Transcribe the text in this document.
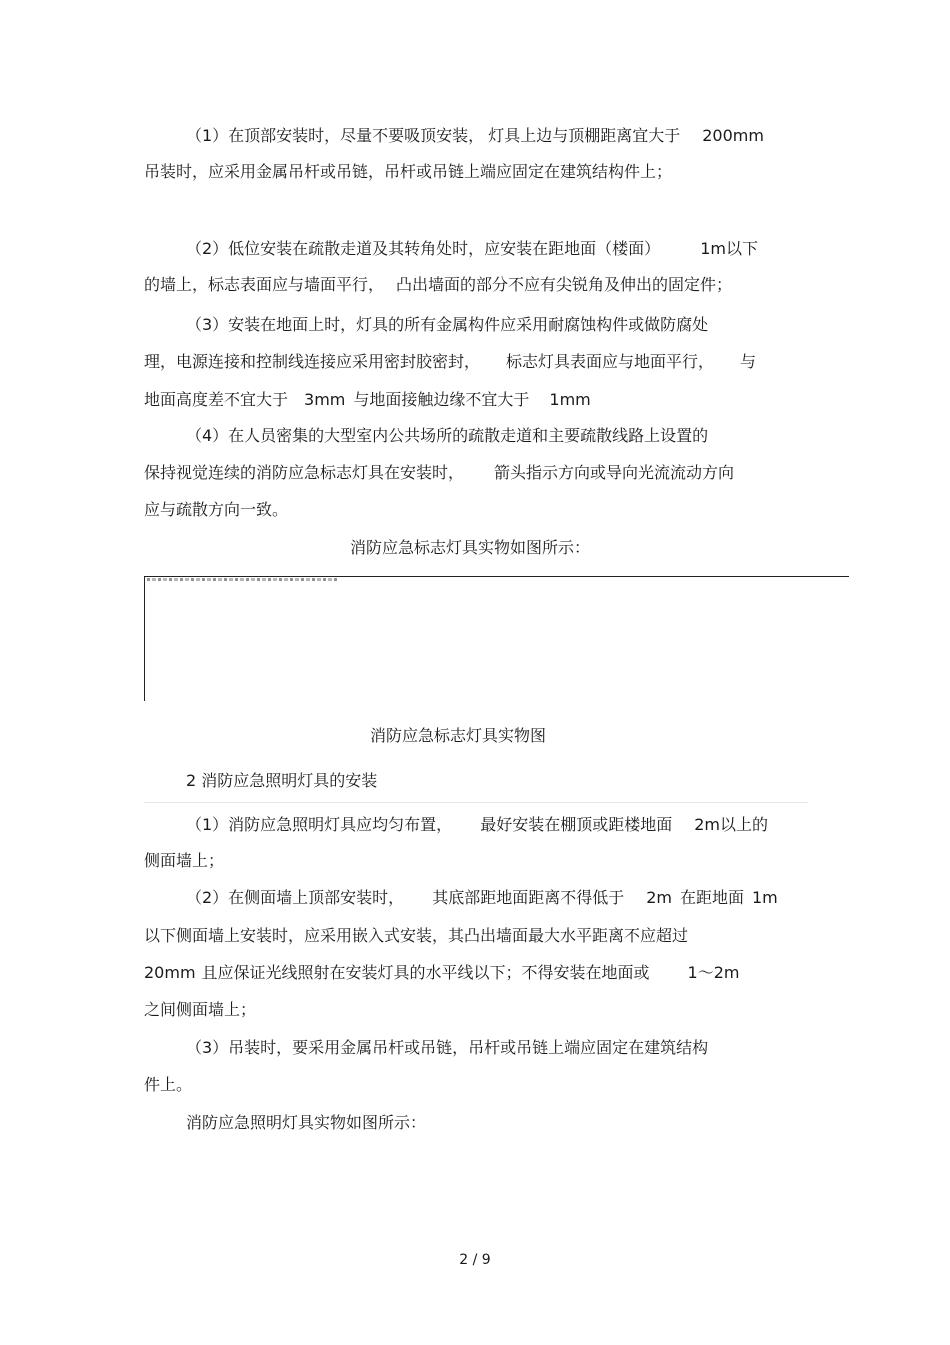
（1）在顶部安装时，尽量不要吸顶安装， 灯具上边与顶棚距离宜大于 200mm
吊装时，应采用金属吊杆或吊链，吊杆或吊链上端应固定在建筑结构件上；
（2）低位安装在疏散走道及其转角处时，应安装在距地面（楼面）	1m以下
的墙上，标志表面应与墙面平行， 凸出墙面的部分不应有尖锐角及伸出的固定件；
（3）安装在地面上时，灯具的所有金属构件应采用耐腐蚀构件或做防腐处
理，电源连接和控制线连接应采用密封胶密封， 标志灯具表面应与地面平行， 与
地面高度差不宜大于 3mm 与地面接触边缘不宜大于 1mm
（4）在人员密集的大型室内公共场所的疏散走道和主要疏散线路上设置的
保持视觉连续的消防应急标志灯具在安装时， 箭头指示方向或导向光流流动方向
应与疏散方向一致。
消防应急标志灯具实物如图所示：
消防应急标志灯具实物图
2 消防应急照明灯具的安装
（1）消防应急照明灯具应均匀布置， 最好安装在棚顶或距楼地面 2m以上的
侧面墙上；
（2）在侧面墙上顶部安装时， 其底部距地面距离不得低于 2m 在距地面 1m
以下侧面墙上安装时，应采用嵌入式安装，其凸出墙面最大水平距离不应超过
20mm 且应保证光线照射在安装灯具的水平线以下；不得安装在地面或 1～2m
之间侧面墙上；
（3）吊装时，要采用金属吊杆或吊链，吊杆或吊链上端应固定在建筑结构
件上。
消防应急照明灯具实物如图所示：
2 / 9
